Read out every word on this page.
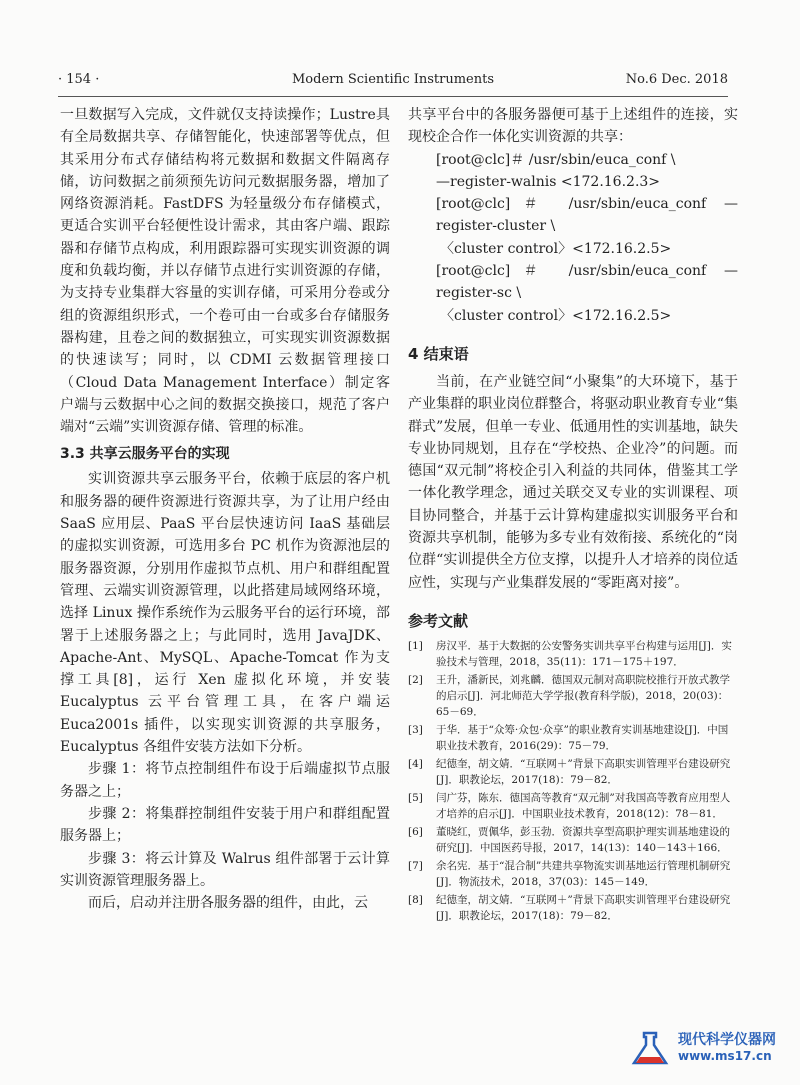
· 154 ·	Modern Scientific Instruments	No.6 Dec. 2018

一旦数据写入完成，文件就仅支持读操作；Lustre具有全局数据共享、存储智能化，快速部署等优点，但其采用分布式存储结构将元数据和数据文件隔离存储，访问数据之前须预先访问元数据服务器，增加了网络资源消耗。FastDFS 为轻量级分布存储模式，更适合实训平台轻便性设计需求，其由客户端、跟踪器和存储节点构成，利用跟踪器可实现实训资源的调度和负载均衡，并以存储节点进行实训资源的存储，为支持专业集群大容量的实训存储，可采用分卷或分组的资源组织形式，一个卷可由一台或多台存储服务器构建，且卷之间的数据独立，可实现实训资源数据的快速读写；同时，以 CDMI 云数据管理接口（Cloud Data Management Interface）制定客户端与云数据中心之间的数据交换接口，规范了客户端对“云端”实训资源存储、管理的标准。

3.3 共享云服务平台的实现

实训资源共享云服务平台，依赖于底层的客户机和服务器的硬件资源进行资源共享，为了让用户经由 SaaS 应用层、PaaS 平台层快速访问 IaaS 基础层的虚拟实训资源，可选用多台 PC 机作为资源池层的服务器资源，分别用作虚拟节点机、用户和群组配置管理、云端实训资源管理，以此搭建局域网络环境，选择 Linux 操作系统作为云服务平台的运行环境，部署于上述服务器之上；与此同时，选用 JavaJDK、Apache-Ant、MySQL、Apache-Tomcat 作为支撑工具[8]，运行 Xen 虚拟化环境，并安装 Eucalyptus 云平台管理工具，在客户端运Euca2001s 插件，以实现实训资源的共享服务，Eucalyptus 各组件安装方法如下分析。

步骤 1：将节点控制组件布设于后端虚拟节点服务器之上；

步骤 2：将集群控制组件安装于用户和群组配置服务器上；

步骤 3：将云计算及 Walrus 组件部署于云计算实训资源管理服务器上。

而后，启动并注册各服务器的组件，由此，云

共享平台中的各服务器便可基于上述组件的连接，实现校企合作一体化实训资源的共享：

[root@clc]＃ /usr/sbin/euca_conf \

—register-walnis <172.16.2.3>

[root@clc]＃ /usr/sbin/euca_conf —register-cluster \

〈cluster control〉<172.16.2.5>

[root@clc]＃ /usr/sbin/euca_conf —register-sc \

〈cluster control〉<172.16.2.5>

4 结束语

当前，在产业链空间“小聚集”的大环境下，基于产业集群的职业岗位群整合，将驱动职业教育专业“集群式”发展，但单一专业、低通用性的实训基地，缺失专业协同规划，且存在“学校热、企业冷”的问题。而德国“双元制”将校企引入利益的共同体，借鉴其工学一体化教学理念，通过关联交叉专业的实训课程、项目协同整合，并基于云计算构建虚拟实训服务平台和资源共享机制，能够为多专业有效衔接、系统化的“岗位群“实训提供全方位支撑，以提升人才培养的岗位适应性，实现与产业集群发展的“零距离对接”。

参考文献
[1]	房汉平．基于大数据的公安警务实训共享平台构建与运用[J]．实验技术与管理，2018，35(11)：171－175＋197．
[2]	王升，潘新民，刘兆麟．德国双元制对高职院校推行开放式教学的启示[J]．河北师范大学学报(教育科学版)，2018，20(03)：65－69．
[3]	于华．基于“众筹·众包·众享”的职业教育实训基地建设[J]．中国职业技术教育，2016(29)：75－79．
[4]	纪德奎，胡文婧．“互联网＋”背景下高职实训管理平台建设研究[J]．职教论坛，2017(18)：79－82．
[5]	闫广芬，陈东．德国高等教育“双元制”对我国高等教育应用型人才培养的启示[J]．中国职业技术教育，2018(12)：78－81．
[6]	董晓红，贾佩华，彭玉勃．资源共享型高职护理实训基地建设的研究[J]．中国医药导报，2017，14(13)：140－143＋166．
[7]	余名宪．基于“混合制”共建共享物流实训基地运行管理机制研究[J]．物流技术，2018，37(03)：145－149．
[8]	纪德奎，胡文婧．“互联网＋”背景下高职实训管理平台建设研究[J]．职教论坛，2017(18)：79－82．
现代科学仪器网
www.ms17.cn
